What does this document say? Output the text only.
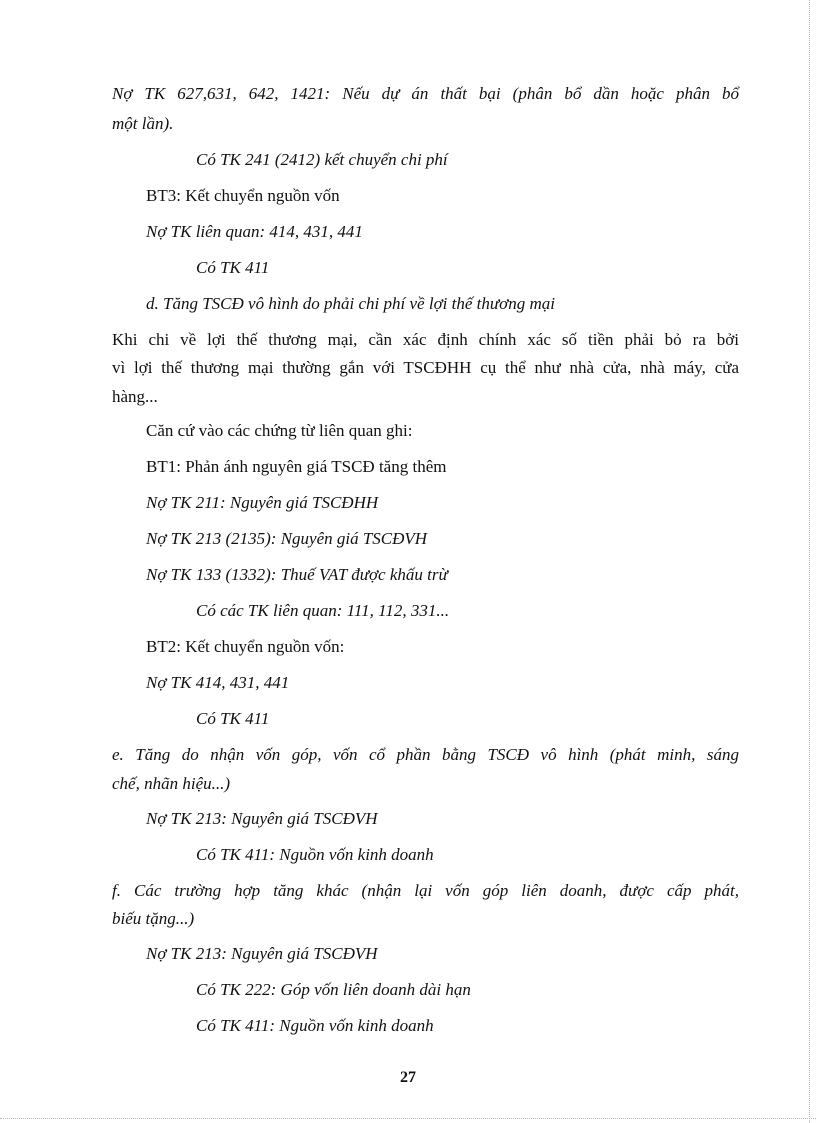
Nợ TK 627,631, 642, 1421: Nếu dự án thất bại (phân bổ dần hoặc phân bổ
một lần).
Có TK 241 (2412) kết chuyển chi phí
BT3: Kết chuyển nguồn vốn
Nợ TK liên quan: 414, 431, 441
Có TK 411
d. Tăng TSCĐ vô hình do phải chi phí về lợi thế thương mại
Khi chi về lợi thế thương mại, cần xác định chính xác số tiền phải bỏ ra bởi
vì lợi thế thương mại thường gắn với TSCĐHH cụ thể như nhà cửa, nhà máy, cửa
hàng...
Căn cứ vào các chứng từ liên quan ghi:
BT1: Phản ánh nguyên giá TSCĐ tăng thêm
Nợ TK 211: Nguyên giá TSCĐHH
Nợ TK 213 (2135): Nguyên giá TSCĐVH
Nợ TK 133 (1332): Thuế VAT được khấu trừ
Có các TK liên quan: 111, 112, 331...
BT2: Kết chuyển nguồn vốn:
Nợ TK 414, 431, 441
Có TK 411
e. Tăng do nhận vốn góp, vốn cổ phần bằng TSCĐ vô hình (phát minh, sáng
chế, nhãn hiệu...)
Nợ TK 213: Nguyên giá TSCĐVH
Có TK 411: Nguồn vốn kinh doanh
f. Các trường hợp tăng khác (nhận lại vốn góp liên doanh, được cấp phát,
biếu tặng...)
Nợ TK 213: Nguyên giá TSCĐVH
Có TK 222: Góp vốn liên doanh dài hạn
Có TK 411: Nguồn vốn kinh doanh
27
